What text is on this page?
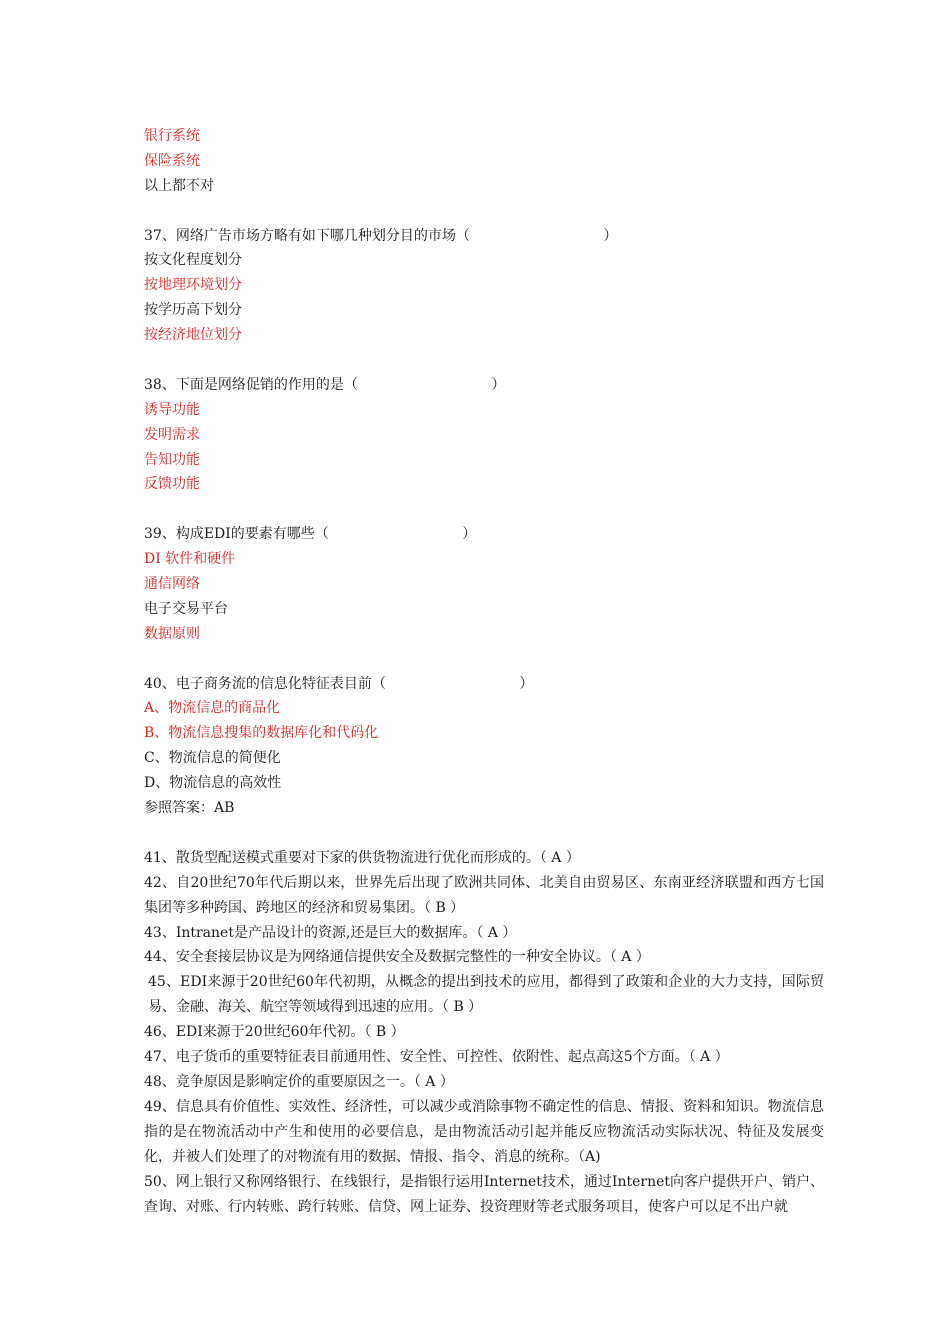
银行系统
保险系统
以上都不对
37、网络广告市场方略有如下哪几种划分目的市场（                              ）
按文化程度划分
按地理环境划分
按学历高下划分
按经济地位划分
38、下面是网络促销的作用的是（                              ）
诱导功能
发明需求
告知功能
反馈功能
39、构成EDI的要素有哪些（                              ）
DI 软件和硬件
通信网络
电子交易平台
数据原则
40、电子商务流的信息化特征表目前（                              ）
A、物流信息的商品化
B、物流信息搜集的数据库化和代码化
C、物流信息的简便化
D、物流信息的高效性
参照答案：AB
41、散货型配送模式重要对下家的供货物流进行优化而形成的。（ A ）
42、自20世纪70年代后期以来，世界先后出现了欧洲共同体、北美自由贸易区、东南亚经济联盟和西方七国集团等多种跨国、跨地区的经济和贸易集团。（ B ）
43、Intranet是产品设计的资源,还是巨大的数据库。（ A ）
44、安全套接层协议是为网络通信提供安全及数据完整性的一种安全协议。（ A ）
45、EDI来源于20世纪60年代初期，从概念的提出到技术的应用，都得到了政策和企业的大力支持，国际贸易、金融、海关、航空等领域得到迅速的应用。（ B ）
46、EDI来源于20世纪60年代初。（ B ）
47、电子货币的重要特征表目前通用性、安全性、可控性、依附性、起点高这5个方面。（ A ）
48、竞争原因是影响定价的重要原因之一。（ A ）
49、信息具有价值性、实效性、经济性，可以减少或消除事物不确定性的信息、情报、资料和知识。物流信息指的是在物流活动中产生和使用的必要信息，是由物流活动引起并能反应物流活动实际状况、特征及发展变化，并被人们处理了的对物流有用的数据、情报、指令、消息的统称。（A)
50、网上银行又称网络银行、在线银行，是指银行运用Internet技术，通过Internet向客户提供开户、销户、查询、对账、行内转账、跨行转账、信贷、网上证券、投资理财等老式服务项目，使客户可以足不出户就
